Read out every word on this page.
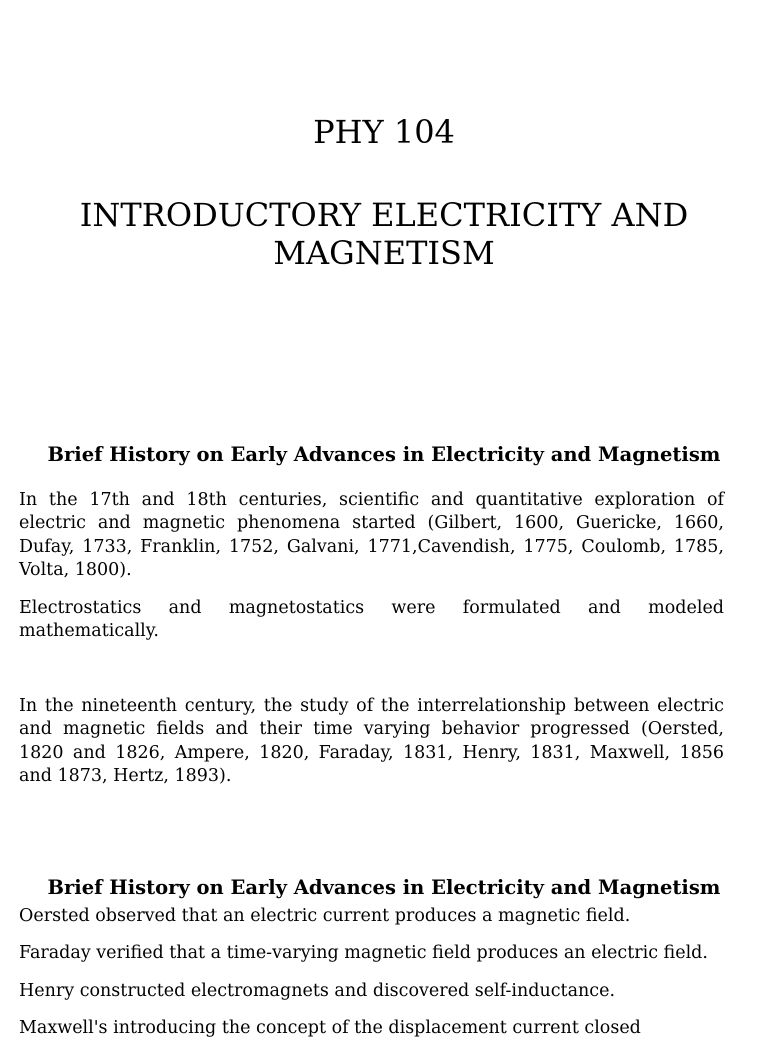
PHY 104
INTRODUCTORY ELECTRICITY AND MAGNETISM
Brief History on Early Advances in Electricity and Magnetism

In the 17th and 18th centuries, scientific and quantitative exploration of electric and magnetic phenomena started (Gilbert, 1600, Guericke, 1660, Dufay, 1733, Franklin, 1752, Galvani, 1771,Cavendish, 1775, Coulomb, 1785, Volta, 1800).

Electrostatics and magnetostatics were formulated and modeled mathematically.

In the nineteenth century, the study of the interrelationship between electric and magnetic fields and their time varying behavior progressed (Oersted, 1820 and 1826, Ampere, 1820, Faraday, 1831, Henry, 1831, Maxwell, 1856 and 1873, Hertz, 1893).

Brief History on Early Advances in Electricity and Magnetism

Oersted observed that an electric current produces a magnetic field.

Faraday verified that a time-varying magnetic field produces an electric field.

Henry constructed electromagnets and discovered self-inductance.

Maxwell's introducing the concept of the displacement current closed
